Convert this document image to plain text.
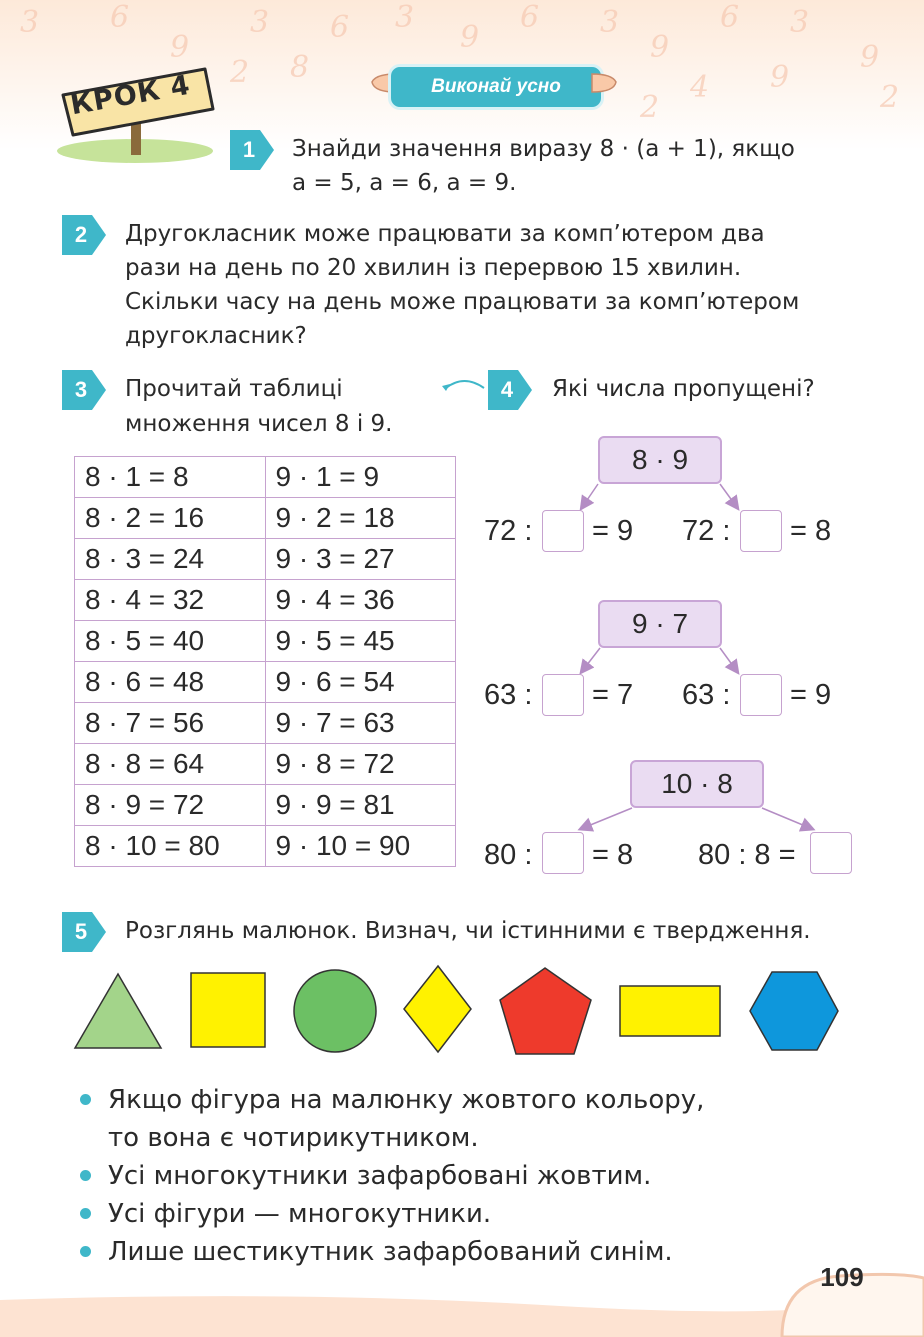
3 6
9
3 6 3
9
6 3
9
6 3
9
2 8
2
4	2
9
КРОК 4	Виконай усно
1	Знайди значення виразу 8 · (a + 1), якщо

a = 5, a = 6, a = 9.

2	Другокласник може працювати за комп’ютером два

рази на день по 20 хвилин із перервою 15 хвилин.

Скільки часу на день може працювати за комп’ютером

другокласник?

3	Прочитай таблиці

множення чисел 8 і 9.

8 · 1 = 8	9 · 1 = 9
8 · 2 = 16	9 · 2 = 18
8 · 3 = 24	9 · 3 = 27
8 · 4 = 32	9 · 4 = 36
8 · 5 = 40	9 · 5 = 45
8 · 6 = 48	9 · 6 = 54
8 · 7 = 56	9 · 7 = 63
8 · 8 = 64	9 · 8 = 72
8 · 9 = 72	9 · 9 = 81
8 · 10 = 80	9 · 10 = 90
4	Які числа пропущені?

8 · 9
72 : = 9 72 : = 8
9 · 7
63 : = 7 63 : = 9
10 · 8
80 : = 8 80 : 8 =
5	Розглянь малюнок. Визнач, чи істинними є твердження.

Якщо фігура на малюнку жовтого кольору,
то вона є чотирикутником.
Усі многокутники зафарбовані жовтим.
Усі фігури — многокутники.
Лише шестикутник зафарбований синім.
109
